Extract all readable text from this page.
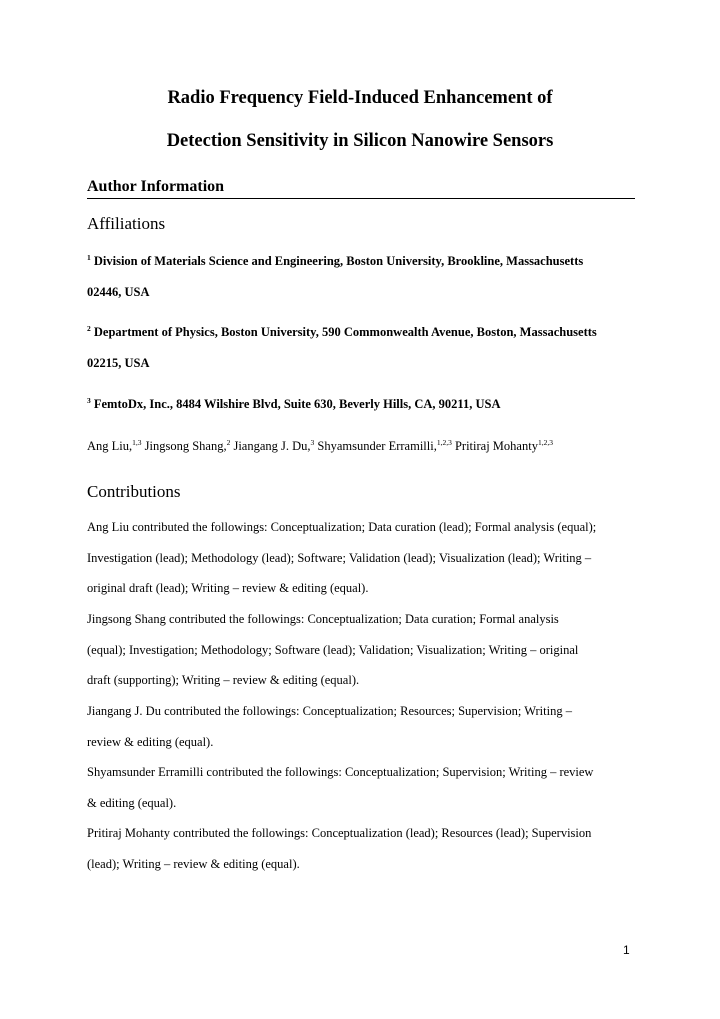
Radio Frequency Field-Induced Enhancement of
Detection Sensitivity in Silicon Nanowire Sensors
Author Information
Affiliations
$^1$ Division of Materials Science and Engineering, Boston University, Brookline, Massachusetts
02446, USA
$^2$ Department of Physics, Boston University, 590 Commonwealth Avenue, Boston, Massachusetts
02215, USA
$^3$ FemtoDx, Inc., 8484 Wilshire Blvd, Suite 630, Beverly Hills, CA, 90211, USA
Ang Liu,$^{1,3}$ Jingsong Shang,$^2$ Jiangang J. Du,$^3$ Shyamsunder Erramilli,$^{1,2,3}$ Pritiraj Mohanty$^{1,2,3}$
Contributions
Ang Liu contributed the followings: Conceptualization; Data curation (lead); Formal analysis (equal);
Investigation (lead); Methodology (lead); Software; Validation (lead); Visualization (lead); Writing –
original draft (lead); Writing – review & editing (equal).
Jingsong Shang contributed the followings: Conceptualization; Data curation; Formal analysis
(equal); Investigation; Methodology; Software (lead); Validation; Visualization; Writing – original
draft (supporting); Writing – review & editing (equal).
Jiangang J. Du contributed the followings: Conceptualization; Resources; Supervision; Writing –
review & editing (equal).
Shyamsunder Erramilli contributed the followings: Conceptualization; Supervision; Writing – review
& editing (equal).
Pritiraj Mohanty contributed the followings: Conceptualization (lead); Resources (lead); Supervision
(lead); Writing – review & editing (equal).
1
